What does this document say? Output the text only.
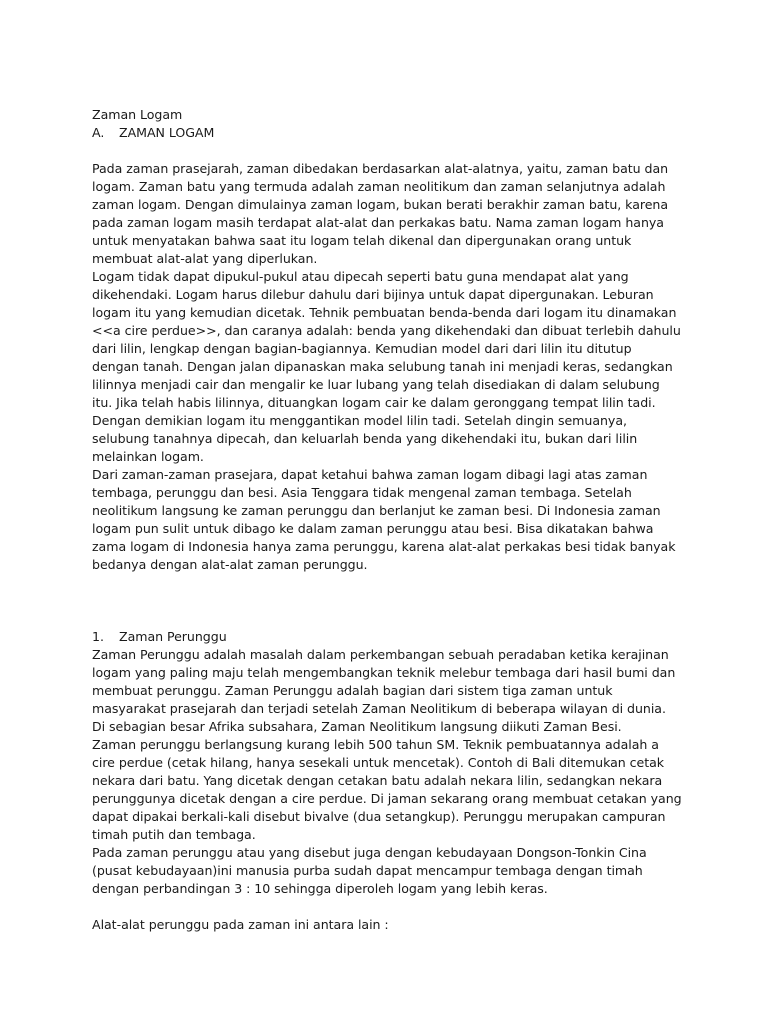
Zaman Logam
A.	ZAMAN LOGAM
Pada zaman prasejarah, zaman dibedakan berdasarkan alat-alatnya, yaitu, zaman batu dan
logam. Zaman batu yang termuda adalah zaman neolitikum dan zaman selanjutnya adalah
zaman logam. Dengan dimulainya zaman logam, bukan berati berakhir zaman batu, karena
pada zaman logam masih terdapat alat-alat dan perkakas batu. Nama zaman logam hanya
untuk menyatakan bahwa saat itu logam telah dikenal dan dipergunakan orang untuk
membuat alat-alat yang diperlukan.
Logam tidak dapat dipukul-pukul atau dipecah seperti batu guna mendapat alat yang
dikehendaki. Logam harus dilebur dahulu dari bijinya untuk dapat dipergunakan. Leburan
logam itu yang kemudian dicetak. Tehnik pembuatan benda-benda dari logam itu dinamakan
<<a cire perdue>>, dan caranya adalah: benda yang dikehendaki dan dibuat terlebih dahulu
dari lilin, lengkap dengan bagian-bagiannya. Kemudian model dari dari lilin itu ditutup
dengan tanah. Dengan jalan dipanaskan maka selubung tanah ini menjadi keras, sedangkan
lilinnya menjadi cair dan mengalir ke luar lubang yang telah disediakan di dalam selubung
itu. Jika telah habis lilinnya, dituangkan logam cair ke dalam geronggang tempat lilin tadi.
Dengan demikian logam itu menggantikan model lilin tadi. Setelah dingin semuanya,
selubung tanahnya dipecah, dan keluarlah benda yang dikehendaki itu, bukan dari lilin
melainkan logam.
Dari zaman-zaman prasejara, dapat ketahui bahwa zaman logam dibagi lagi atas zaman
tembaga, perunggu dan besi. Asia Tenggara tidak mengenal zaman tembaga. Setelah
neolitikum langsung ke zaman perunggu dan berlanjut ke zaman besi. Di Indonesia zaman
logam pun sulit untuk dibago ke dalam zaman perunggu atau besi. Bisa dikatakan bahwa
zama logam di Indonesia hanya zama perunggu, karena alat-alat perkakas besi tidak banyak
bedanya dengan alat-alat zaman perunggu.
1.	Zaman Perunggu
Zaman Perunggu adalah masalah dalam perkembangan sebuah peradaban ketika kerajinan
logam yang paling maju telah mengembangkan teknik melebur tembaga dari hasil bumi dan
membuat perunggu. Zaman Perunggu adalah bagian dari sistem tiga zaman untuk
masyarakat prasejarah dan terjadi setelah Zaman Neolitikum di beberapa wilayan di dunia.
Di sebagian besar Afrika subsahara, Zaman Neolitikum langsung diikuti Zaman Besi.
Zaman perunggu berlangsung kurang lebih 500 tahun SM. Teknik pembuatannya adalah a
cire perdue (cetak hilang, hanya sesekali untuk mencetak). Contoh di Bali ditemukan cetak
nekara dari batu. Yang dicetak dengan cetakan batu adalah nekara lilin, sedangkan nekara
perunggunya dicetak dengan a cire perdue. Di jaman sekarang orang membuat cetakan yang
dapat dipakai berkali-kali disebut bivalve (dua setangkup). Perunggu merupakan campuran
timah putih dan tembaga.
Pada zaman perunggu atau yang disebut juga dengan kebudayaan Dongson-Tonkin Cina
(pusat kebudayaan)ini manusia purba sudah dapat mencampur tembaga dengan timah
dengan perbandingan 3 : 10 sehingga diperoleh logam yang lebih keras.
Alat-alat perunggu pada zaman ini antara lain :
